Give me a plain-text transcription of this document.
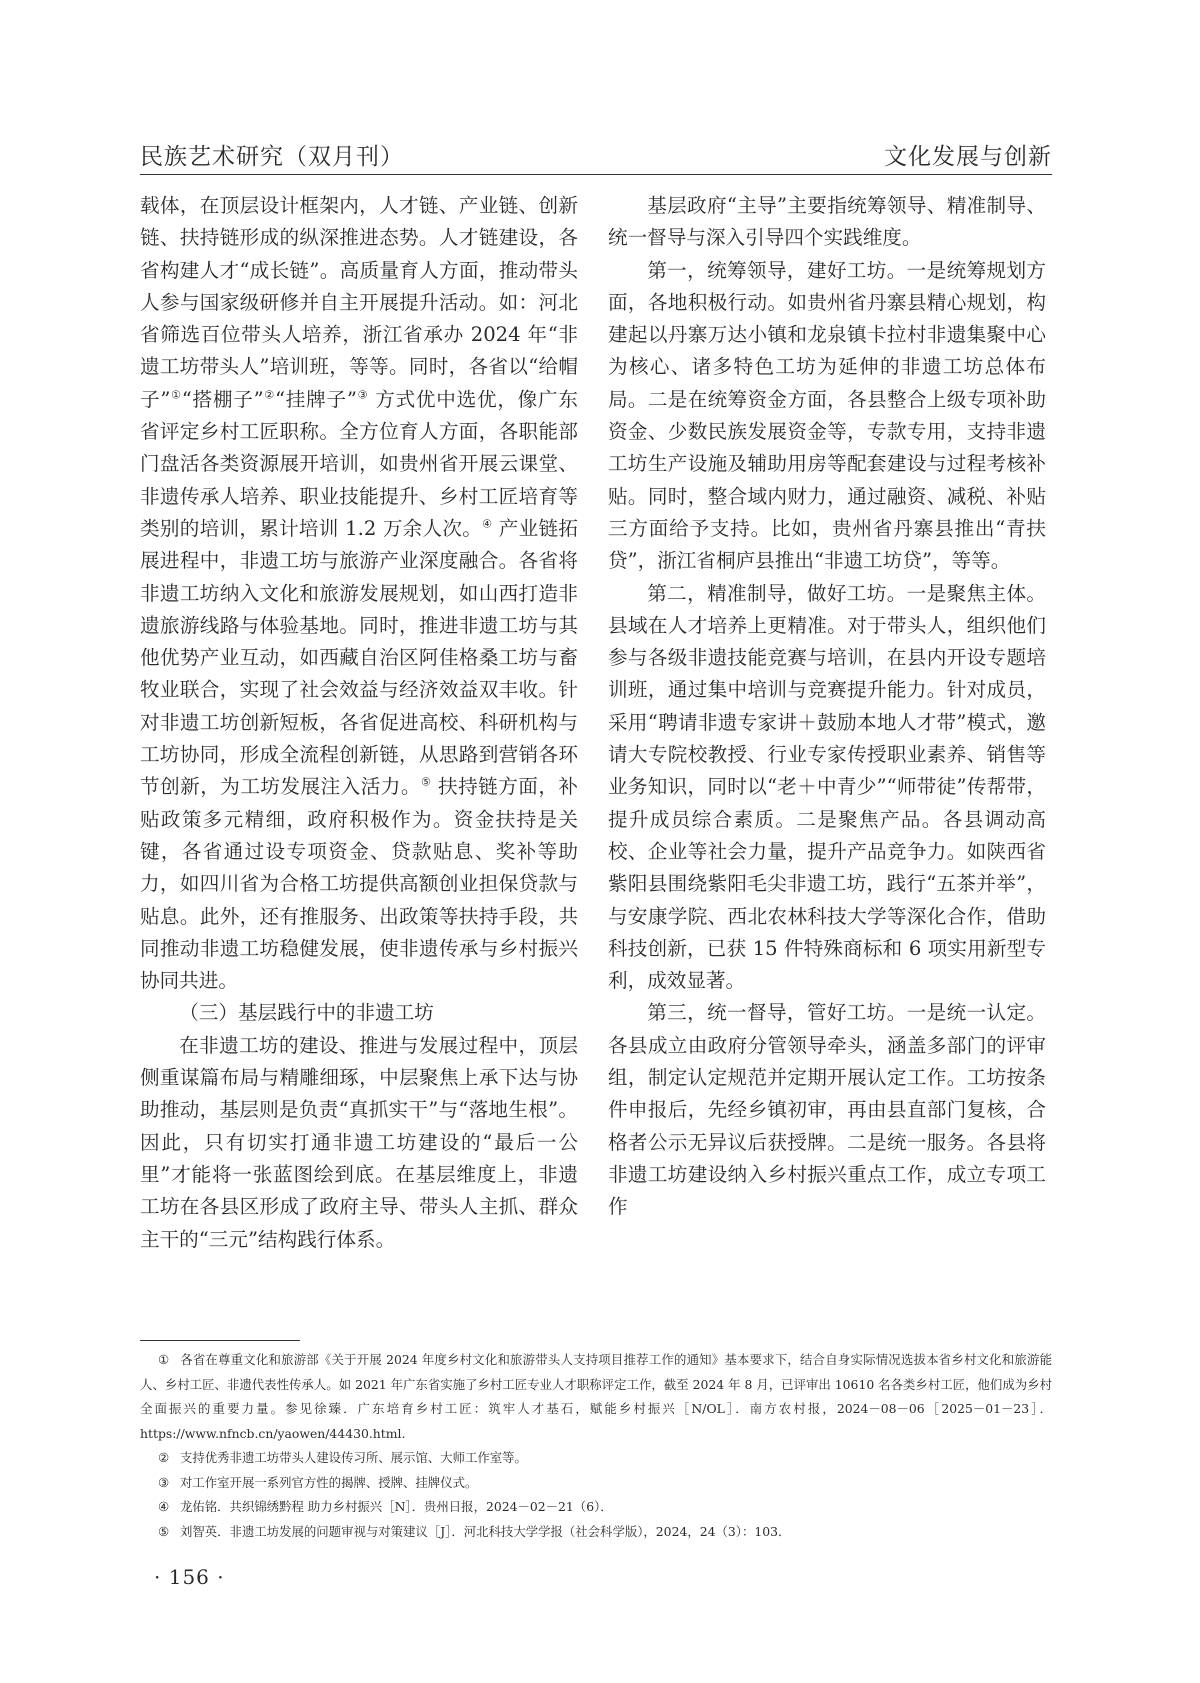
民族艺术研究（双月刊）	文化发展与创新

载体，在顶层设计框架内，人才链、产业链、创新链、扶持链形成的纵深推进态势。人才链建设，各省构建人才“成长链”。高质量育人方面，推动带头人参与国家级研修并自主开展提升活动。如：河北省筛选百位带头人培养，浙江省承办 2024 年“非遗工坊带头人”培训班，等等。同时，各省以“给帽子”①“搭棚子”②“挂牌子”③ 方式优中选优，像广东省评定乡村工匠职称。全方位育人方面，各职能部门盘活各类资源展开培训，如贵州省开展云课堂、非遗传承人培养、职业技能提升、乡村工匠培育等类别的培训，累计培训 1.2 万余人次。④ 产业链拓展进程中，非遗工坊与旅游产业深度融合。各省将非遗工坊纳入文化和旅游发展规划，如山西打造非遗旅游线路与体验基地。同时，推进非遗工坊与其他优势产业互动，如西藏自治区阿佳格桑工坊与畜牧业联合，实现了社会效益与经济效益双丰收。针对非遗工坊创新短板，各省促进高校、科研机构与工坊协同，形成全流程创新链，从思路到营销各环节创新，为工坊发展注入活力。⑤ 扶持链方面，补贴政策多元精细，政府积极作为。资金扶持是关键，各省通过设专项资金、贷款贴息、奖补等助力，如四川省为合格工坊提供高额创业担保贷款与贴息。此外，还有推服务、出政策等扶持手段，共同推动非遗工坊稳健发展，使非遗传承与乡村振兴协同共进。

（三）基层践行中的非遗工坊

在非遗工坊的建设、推进与发展过程中，顶层侧重谋篇布局与精雕细琢，中层聚焦上承下达与协助推动，基层则是负责“真抓实干”与“落地生根”。因此，只有切实打通非遗工坊建设的“最后一公里”才能将一张蓝图绘到底。在基层维度上，非遗工坊在各县区形成了政府主导、带头人主抓、群众主干的“三元”结构践行体系。

基层政府“主导”主要指统筹领导、精准制导、统一督导与深入引导四个实践维度。

第一，统筹领导，建好工坊。一是统筹规划方面，各地积极行动。如贵州省丹寨县精心规划，构建起以丹寨万达小镇和龙泉镇卡拉村非遗集聚中心为核心、诸多特色工坊为延伸的非遗工坊总体布局。二是在统筹资金方面，各县整合上级专项补助资金、少数民族发展资金等，专款专用，支持非遗工坊生产设施及辅助用房等配套建设与过程考核补贴。同时，整合域内财力，通过融资、减税、补贴三方面给予支持。比如，贵州省丹寨县推出“青扶贷”，浙江省桐庐县推出“非遗工坊贷”，等等。

第二，精准制导，做好工坊。一是聚焦主体。县域在人才培养上更精准。对于带头人，组织他们参与各级非遗技能竞赛与培训，在县内开设专题培训班，通过集中培训与竞赛提升能力。针对成员，采用“聘请非遗专家讲＋鼓励本地人才带”模式，邀请大专院校教授、行业专家传授职业素养、销售等业务知识，同时以“老＋中青少”“师带徒”传帮带，提升成员综合素质。二是聚焦产品。各县调动高校、企业等社会力量，提升产品竞争力。如陕西省紫阳县围绕紫阳毛尖非遗工坊，践行“五茶并举”，与安康学院、西北农林科技大学等深化合作，借助科技创新，已获 15 件特殊商标和 6 项实用新型专利，成效显著。

第三，统一督导，管好工坊。一是统一认定。各县成立由政府分管领导牵头，涵盖多部门的评审组，制定认定规范并定期开展认定工作。工坊按条件申报后，先经乡镇初审，再由县直部门复核，合格者公示无异议后获授牌。二是统一服务。各县将非遗工坊建设纳入乡村振兴重点工作，成立专项工作

① 各省在尊重文化和旅游部《关于开展 2024 年度乡村文化和旅游带头人支持项目推荐工作的通知》基本要求下，结合自身实际情况选拔本省乡村文化和旅游能人、乡村工匠、非遗代表性传承人。如 2021 年广东省实施了乡村工匠专业人才职称评定工作，截至 2024 年 8 月，已评审出 10610 名各类乡村工匠，他们成为乡村全面振兴的重要力量。参见徐臻．广东培育乡村工匠：筑牢人才基石，赋能乡村振兴［N/OL］．南方农村报，2024－08－06［2025－01－23］．https://www.nfncb.cn/yaowen/44430.html.

② 支持优秀非遗工坊带头人建设传习所、展示馆、大师工作室等。

③ 对工作室开展一系列官方性的揭牌、授牌、挂牌仪式。

④ 龙佑铭．共织锦绣黔程 助力乡村振兴［N］．贵州日报，2024－02－21（6）．

⑤ 刘智英．非遗工坊发展的问题审视与对策建议［J］．河北科技大学学报（社会科学版），2024，24（3）：103．

· 156 ·
